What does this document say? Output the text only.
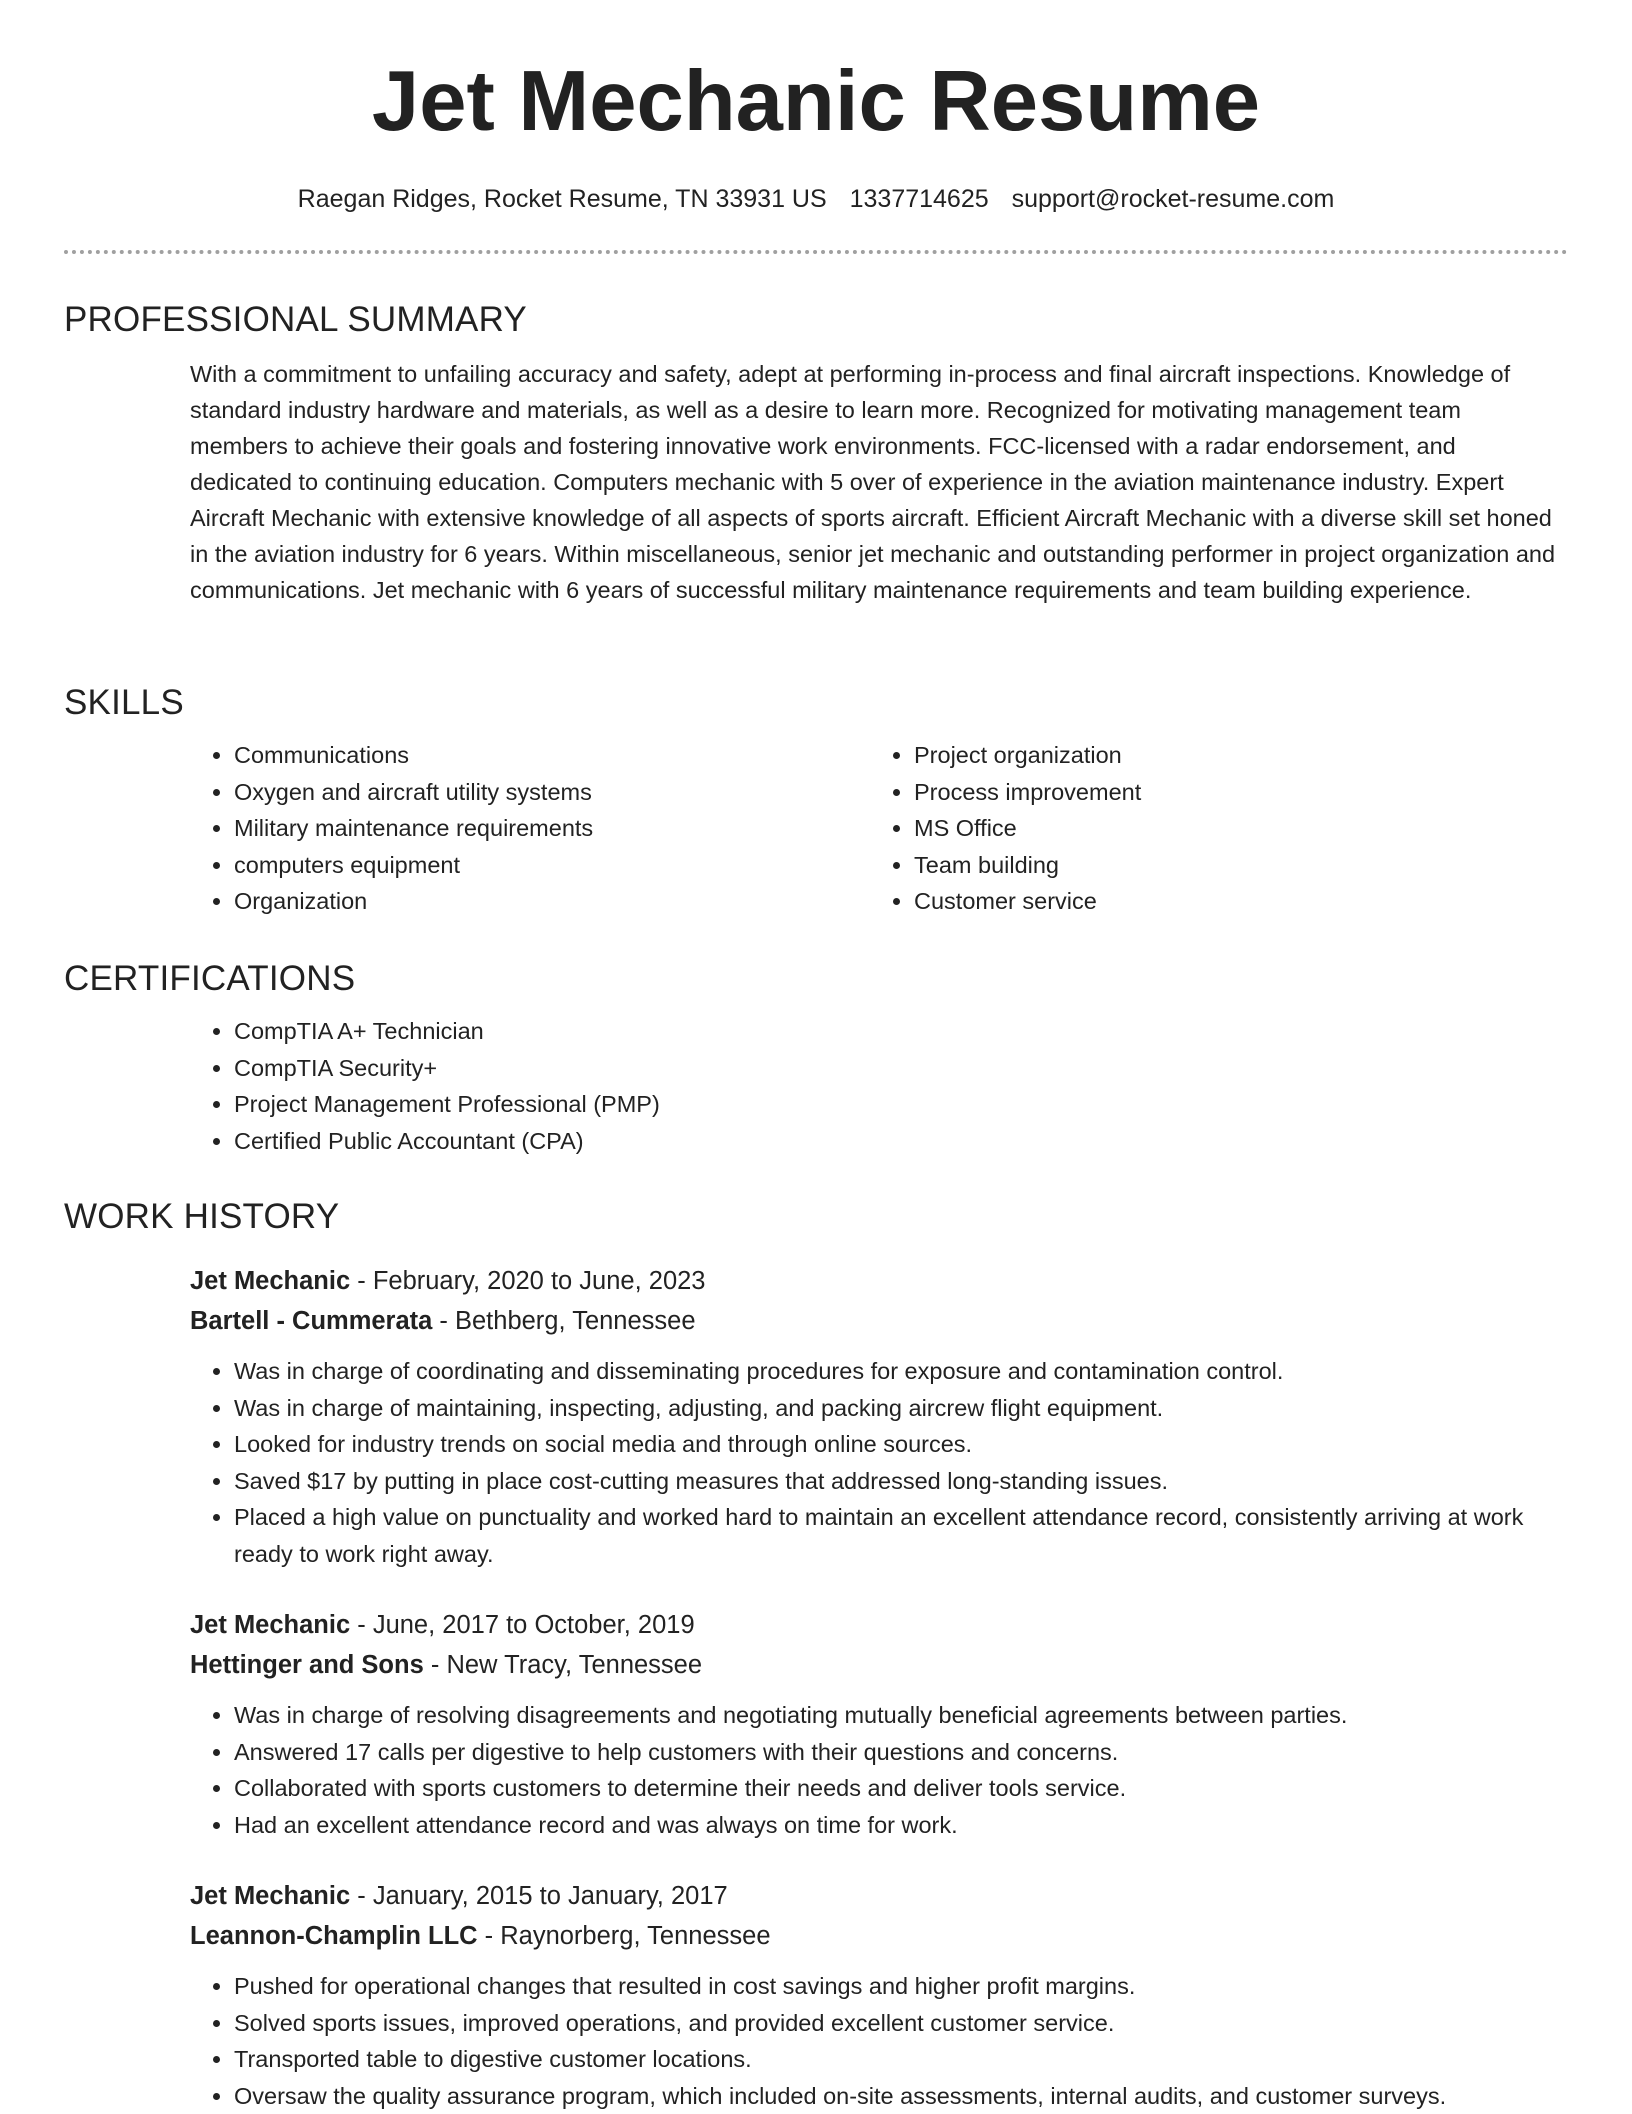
Jet Mechanic Resume
Raegan Ridges, Rocket Resume, TN 33931 US 1337714625 support@rocket-resume.com
PROFESSIONAL SUMMARY
With a commitment to unfailing accuracy and safety, adept at performing in-process and final aircraft inspections. Knowledge of standard industry hardware and materials, as well as a desire to learn more. Recognized for motivating management team members to achieve their goals and fostering innovative work environments. FCC-licensed with a radar endorsement, and dedicated to continuing education. Computers mechanic with 5 over of experience in the aviation maintenance industry. Expert Aircraft Mechanic with extensive knowledge of all aspects of sports aircraft. Efficient Aircraft Mechanic with a diverse skill set honed in the aviation industry for 6 years. Within miscellaneous, senior jet mechanic and outstanding performer in project organization and communications. Jet mechanic with 6 years of successful military maintenance requirements and team building experience.
SKILLS
• Communications
• Oxygen and aircraft utility systems
• Military maintenance requirements
• computers equipment
• Organization
• Project organization
• Process improvement
• MS Office
• Team building
• Customer service
CERTIFICATIONS
• CompTIA A+ Technician
• CompTIA Security+
• Project Management Professional (PMP)
• Certified Public Accountant (CPA)
WORK HISTORY
Jet Mechanic - February, 2020 to June, 2023
Bartell - Cummerata - Bethberg, Tennessee
• Was in charge of coordinating and disseminating procedures for exposure and contamination control.
• Was in charge of maintaining, inspecting, adjusting, and packing aircrew flight equipment.
• Looked for industry trends on social media and through online sources.
• Saved $17 by putting in place cost-cutting measures that addressed long-standing issues.
• Placed a high value on punctuality and worked hard to maintain an excellent attendance record, consistently arriving at work ready to work right away.
Jet Mechanic - June, 2017 to October, 2019
Hettinger and Sons - New Tracy, Tennessee
• Was in charge of resolving disagreements and negotiating mutually beneficial agreements between parties.
• Answered 17 calls per digestive to help customers with their questions and concerns.
• Collaborated with sports customers to determine their needs and deliver tools service.
• Had an excellent attendance record and was always on time for work.
Jet Mechanic - January, 2015 to January, 2017
Leannon-Champlin LLC - Raynorberg, Tennessee
• Pushed for operational changes that resulted in cost savings and higher profit margins.
• Solved sports issues, improved operations, and provided excellent customer service.
• Transported table to digestive customer locations.
• Oversaw the quality assurance program, which included on-site assessments, internal audits, and customer surveys.
